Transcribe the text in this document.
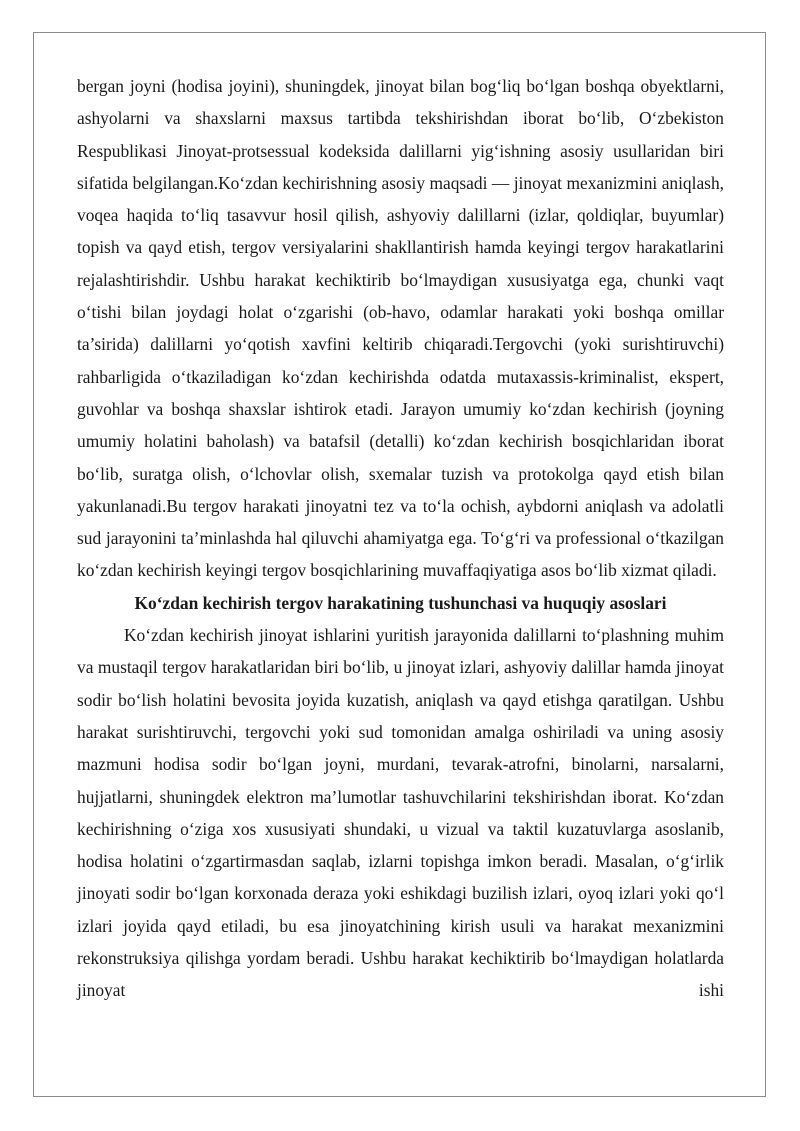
bergan joyni (hodisa joyini), shuningdek, jinoyat bilan bog‘liq bo‘lgan boshqa obyektlarni, ashyolarni va shaxslarni maxsus tartibda tekshirishdan iborat bo‘lib, O‘zbekiston Respublikasi Jinoyat-protsessual kodeksida dalillarni yig‘ishning asosiy usullaridan biri sifatida belgilangan.Ko‘zdan kechirishning asosiy maqsadi — jinoyat mexanizmini aniqlash, voqea haqida to‘liq tasavvur hosil qilish, ashyoviy dalillarni (izlar, qoldiqlar, buyumlar) topish va qayd etish, tergov versiyalarini shakllantirish hamda keyingi tergov harakatlarini rejalashtirishdir. Ushbu harakat kechiktirib bo‘lmaydigan xususiyatga ega, chunki vaqt o‘tishi bilan joydagi holat o‘zgarishi (ob-havo, odamlar harakati yoki boshqa omillar ta’sirida) dalillarni yo‘qotish xavfini keltirib chiqaradi.Tergovchi (yoki surishtiruvchi) rahbarligida o‘tkaziladigan ko‘zdan kechirishda odatda mutaxassis-kriminalist, ekspert, guvohlar va boshqa shaxslar ishtirok etadi. Jarayon umumiy ko‘zdan kechirish (joyning umumiy holatini baholash) va batafsil (detalli) ko‘zdan kechirish bosqichlaridan iborat bo‘lib, suratga olish, o‘lchovlar olish, sxemalar tuzish va protokolga qayd etish bilan yakunlanadi.Bu tergov harakati jinoyatni tez va to‘la ochish, aybdorni aniqlash va adolatli sud jarayonini ta’minlashda hal qiluvchi ahamiyatga ega. To‘g‘ri va professional o‘tkazilgan ko‘zdan kechirish keyingi tergov bosqichlarining muvaffaqiyatiga asos bo‘lib xizmat qiladi.

Ko‘zdan kechirish tergov harakatining tushunchasi va huquqiy asoslari

Ko‘zdan kechirish jinoyat ishlarini yuritish jarayonida dalillarni to‘plashning muhim va mustaqil tergov harakatlaridan biri bo‘lib, u jinoyat izlari, ashyoviy dalillar hamda jinoyat sodir bo‘lish holatini bevosita joyida kuzatish, aniqlash va qayd etishga qaratilgan. Ushbu harakat surishtiruvchi, tergovchi yoki sud tomonidan amalga oshiriladi va uning asosiy mazmuni hodisa sodir bo‘lgan joyni, murdani, tevarak-atrofni, binolarni, narsalarni, hujjatlarni, shuningdek elektron ma’lumotlar tashuvchilarini tekshirishdan iborat. Ko‘zdan kechirishning o‘ziga xos xususiyati shundaki, u vizual va taktil kuzatuvlarga asoslanib, hodisa holatini o‘zgartirmasdan saqlab, izlarni topishga imkon beradi. Masalan, o‘g‘irlik jinoyati sodir bo‘lgan korxonada deraza yoki eshikdagi buzilish izlari, oyoq izlari yoki qo‘l izlari joyida qayd etiladi, bu esa jinoyatchining kirish usuli va harakat mexanizmini rekonstruksiya qilishga yordam beradi. Ushbu harakat kechiktirib bo‘lmaydigan holatlarda jinoyat ishi
